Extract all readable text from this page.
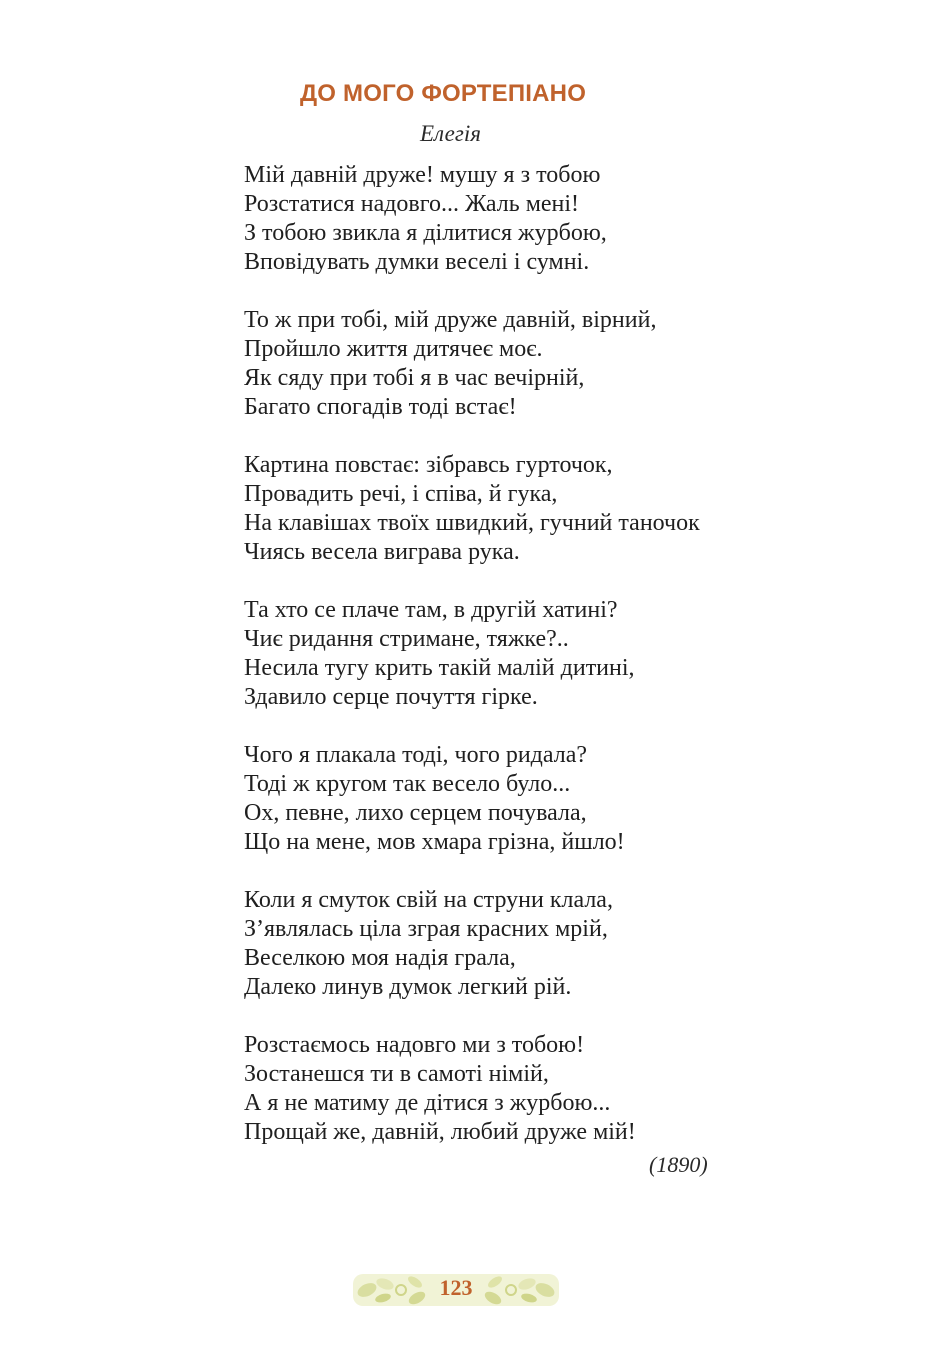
ДО МОГО ФОРТЕПІАНО
Елегія
Мій давній друже! мушу я з тобою
Розстатися надовго... Жаль мені!
З тобою звикла я ділитися журбою,
Вповідувать думки веселі і сумні.
То ж при тобі, мій друже давній, вірний,
Пройшло життя дитячеє моє.
Як сяду при тобі я в час вечірній,
Багато спогадів тоді встає!
Картина повстає: зібравсь гурточок,
Провадить речі, і співа, й гука,
На клавішах твоїх швидкий, гучний таночок
Чиясь весела виграва рука.
Та хто се плаче там, в другій хатині?
Чиє ридання стримане, тяжке?..
Несила тугу крить такій малій дитині,
Здавило серце почуття гірке.
Чого я плакала тоді, чого ридала?
Тоді ж кругом так весело було...
Ох, певне, лихо серцем почувала,
Що на мене, мов хмара грізна, йшло!
Коли я смуток свій на струни клала,
З’являлась ціла зграя красних мрій,
Веселкою моя надія грала,
Далеко линув думок легкий рій.
Розстаємось надовго ми з тобою!
Зостанешся ти в самоті німій,
А я не матиму де дітися з журбою...
Прощай же, давній, любий друже мій!
(1890)
123
